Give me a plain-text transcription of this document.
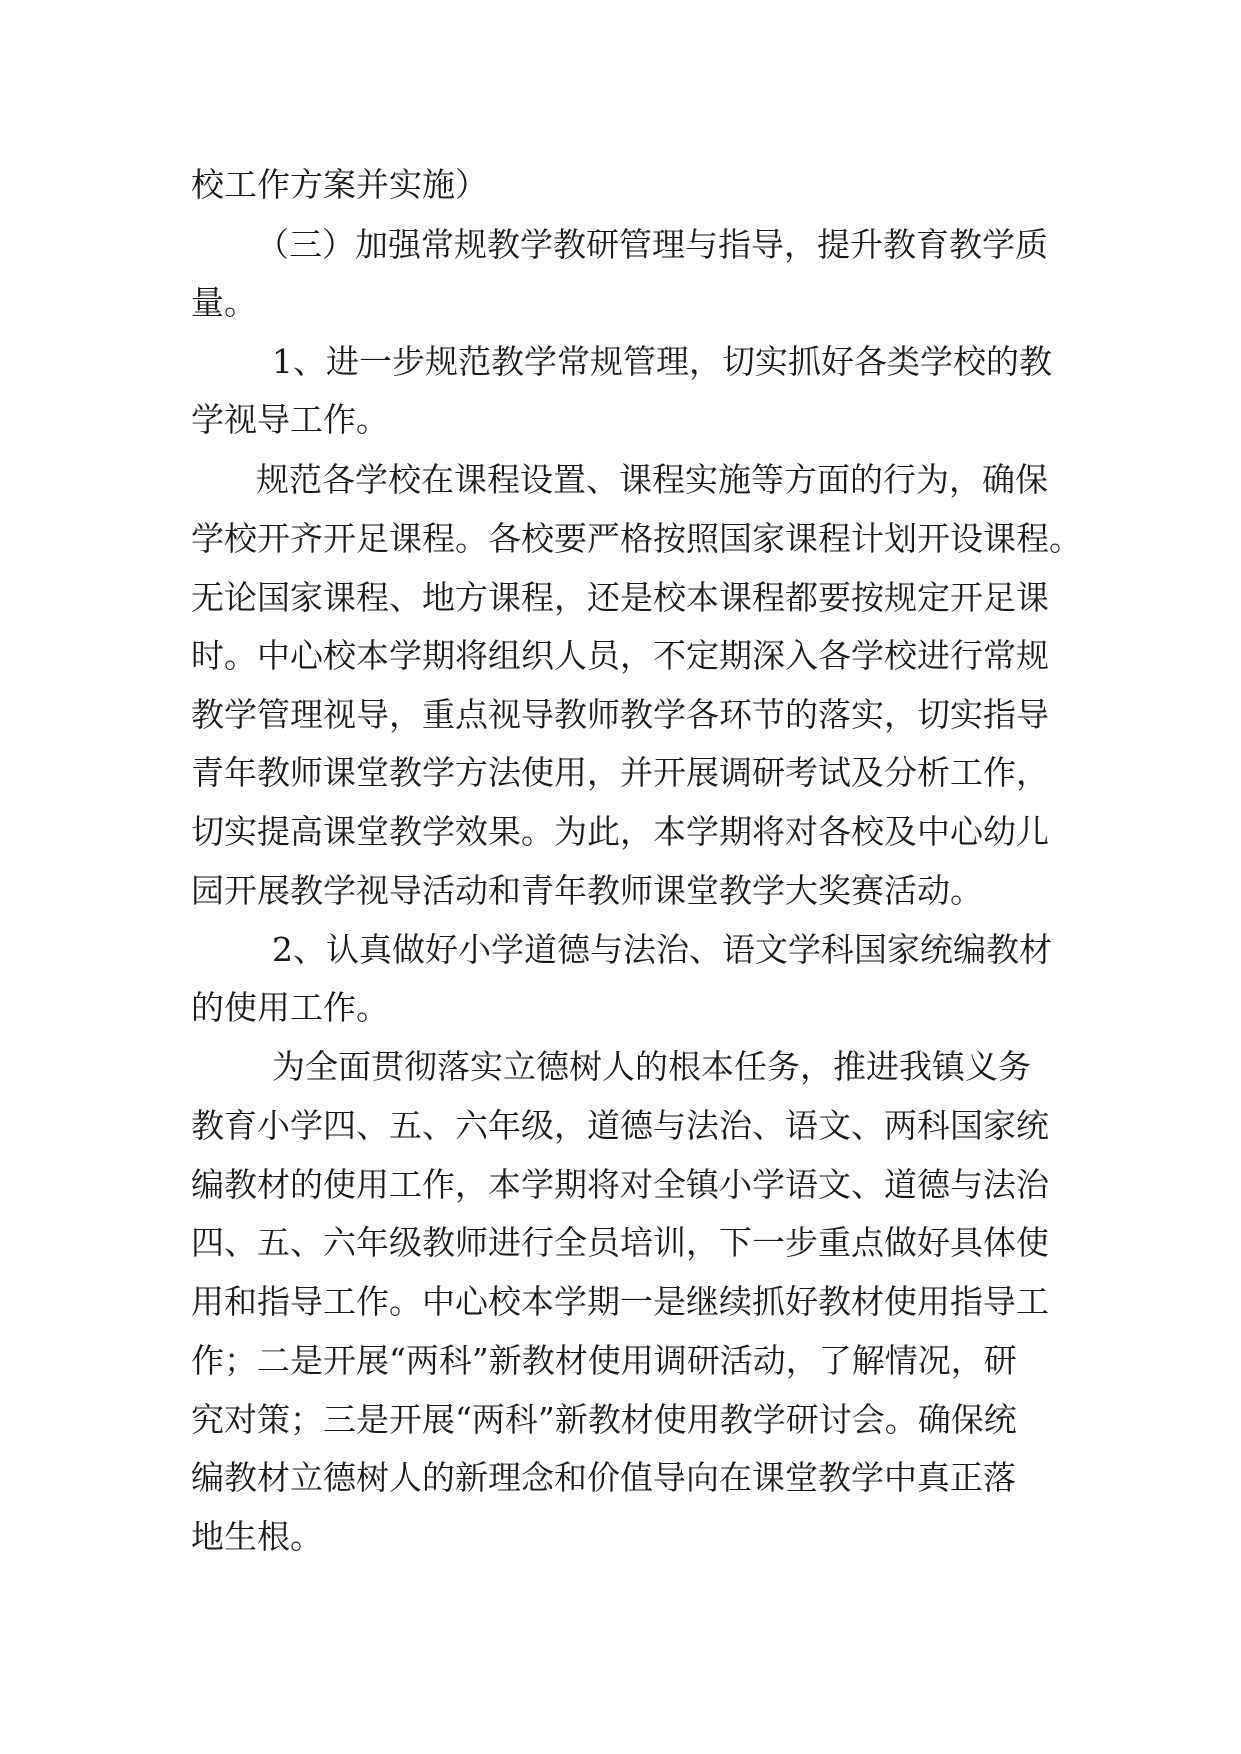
校工作方案并实施）
（三）加强常规教学教研管理与指导，提升教育教学质
量。
1、进一步规范教学常规管理，切实抓好各类学校的教
学视导工作。
规范各学校在课程设置、课程实施等方面的行为，确保
学校开齐开足课程。各校要严格按照国家课程计划开设课程。
无论国家课程、地方课程，还是校本课程都要按规定开足课
时。中心校本学期将组织人员，不定期深入各学校进行常规
教学管理视导，重点视导教师教学各环节的落实，切实指导
青年教师课堂教学方法使用，并开展调研考试及分析工作，
切实提高课堂教学效果。为此，本学期将对各校及中心幼儿
园开展教学视导活动和青年教师课堂教学大奖赛活动。
2、认真做好小学道德与法治、语文学科国家统编教材
的使用工作。
为全面贯彻落实立德树人的根本任务，推进我镇义务
教育小学四、五、六年级，道德与法治、语文、两科国家统
编教材的使用工作，本学期将对全镇小学语文、道德与法治
四、五、六年级教师进行全员培训，下一步重点做好具体使
用和指导工作。中心校本学期一是继续抓好教材使用指导工
作；二是开展“两科”新教材使用调研活动，了解情况，研
究对策；三是开展“两科”新教材使用教学研讨会。确保统
编教材立德树人的新理念和价值导向在课堂教学中真正落
地生根。
